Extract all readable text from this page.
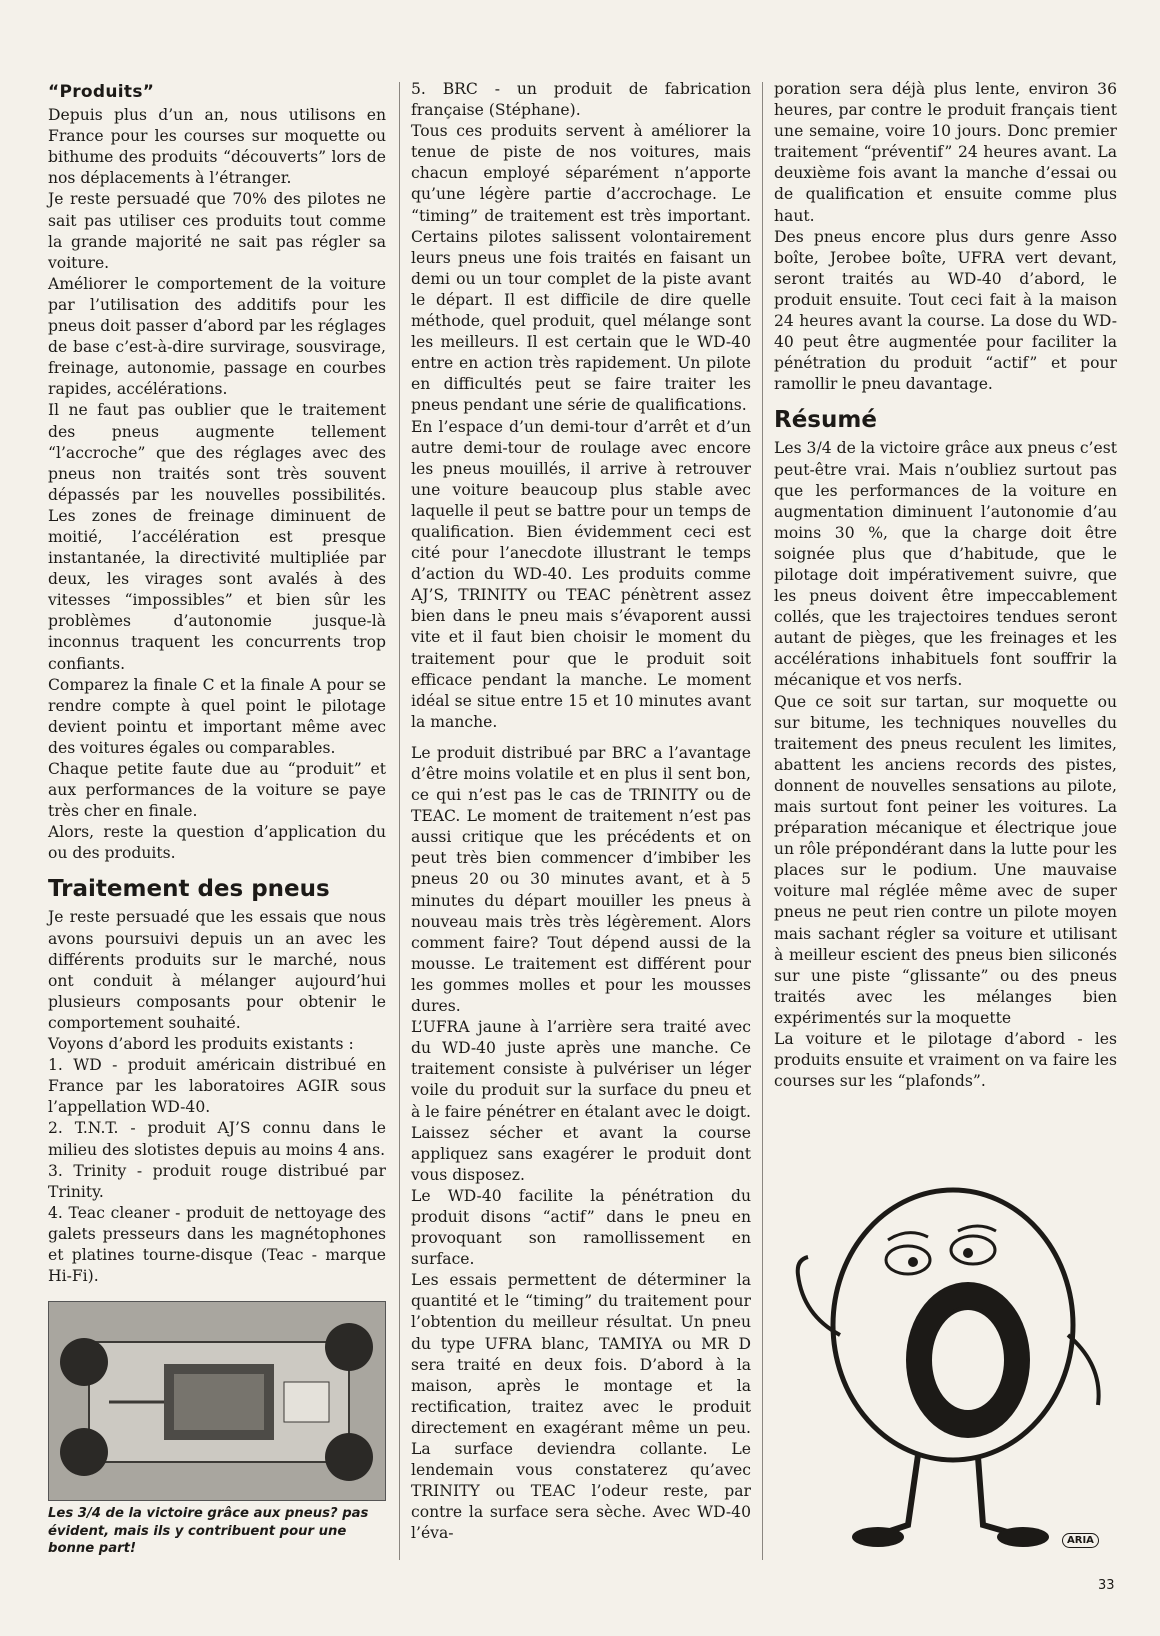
“Produits”

Depuis plus d’un an, nous utilisons en France pour les courses sur moquette ou bithume des produits “découverts” lors de nos déplacements à l’étranger.

Je reste persuadé que 70% des pilotes ne sait pas utiliser ces produits tout comme la grande majorité ne sait pas régler sa voiture.

Améliorer le comportement de la voiture par l’utilisation des additifs pour les pneus doit passer d’abord par les réglages de base c’est-à-dire survirage, sousvirage, freinage, autonomie, passage en courbes rapides, accélérations.

Il ne faut pas oublier que le traitement des pneus augmente tellement “l’accroche” que des réglages avec des pneus non traités sont très souvent dépassés par les nouvelles possibilités. Les zones de freinage diminuent de moitié, l’accélération est presque instantanée, la directivité multipliée par deux, les virages sont avalés à des vitesses “impossibles” et bien sûr les problèmes d’autonomie jusque-là inconnus traquent les concurrents trop confiants.

Comparez la finale C et la finale A pour se rendre compte à quel point le pilotage devient pointu et important même avec des voitures égales ou comparables.

Chaque petite faute due au “produit” et aux performances de la voiture se paye très cher en finale.

Alors, reste la question d’application du ou des produits.

Traitement des pneus

Je reste persuadé que les essais que nous avons poursuivi depuis un an avec les différents produits sur le marché, nous ont conduit à mélanger aujourd’hui plusieurs composants pour obtenir le comportement souhaité.

Voyons d’abord les produits existants :

1. WD - produit américain distribué en France par les laboratoires AGIR sous l’appellation WD-40.

2. T.N.T. - produit AJ’S connu dans le milieu des slotistes depuis au moins 4 ans.

3. Trinity - produit rouge distribué par Trinity.

4. Teac cleaner - produit de nettoyage des galets presseurs dans les magnétophones et platines tourne-disque (Teac - marque Hi-Fi).

Les 3/4 de la victoire grâce aux pneus? pas évident, mais ils y contribuent pour une bonne part!

5. BRC - un produit de fabrication française (Stéphane).

Tous ces produits servent à améliorer la tenue de piste de nos voitures, mais chacun employé séparément n’apporte qu’une légère partie d’accrochage. Le “timing” de traitement est très important. Certains pilotes salissent volontairement leurs pneus une fois traités en faisant un demi ou un tour complet de la piste avant le départ. Il est difficile de dire quelle méthode, quel produit, quel mélange sont les meilleurs. Il est certain que le WD-40 entre en action très rapidement. Un pilote en difficultés peut se faire traiter les pneus pendant une série de qualifications.

En l’espace d’un demi-tour d’arrêt et d’un autre demi-tour de roulage avec encore les pneus mouillés, il arrive à retrouver une voiture beaucoup plus stable avec laquelle il peut se battre pour un temps de qualification. Bien évidemment ceci est cité pour l’anecdote illustrant le temps d’action du WD-40. Les produits comme AJ’S, TRINITY ou TEAC pénètrent assez bien dans le pneu mais s’évaporent aussi vite et il faut bien choisir le moment du traitement pour que le produit soit efficace pendant la manche. Le moment idéal se situe entre 15 et 10 minutes avant la manche.

Le produit distribué par BRC a l’avantage d’être moins volatile et en plus il sent bon, ce qui n’est pas le cas de TRINITY ou de TEAC. Le moment de traitement n’est pas aussi critique que les précédents et on peut très bien commencer d’imbiber les pneus 20 ou 30 minutes avant, et à 5 minutes du départ mouiller les pneus à nouveau mais très très légèrement. Alors comment faire? Tout dépend aussi de la mousse. Le traitement est différent pour les gommes molles et pour les mousses dures.

L’UFRA jaune à l’arrière sera traité avec du WD-40 juste après une manche. Ce traitement consiste à pulvériser un léger voile du produit sur la surface du pneu et à le faire pénétrer en étalant avec le doigt. Laissez sécher et avant la course appliquez sans exagérer le produit dont vous disposez.

Le WD-40 facilite la pénétration du produit disons “actif” dans le pneu en provoquant son ramollissement en surface.

Les essais permettent de déterminer la quantité et le “timing” du traitement pour l’obtention du meilleur résultat. Un pneu du type UFRA blanc, TAMIYA ou MR D sera traité en deux fois. D’abord à la maison, après le montage et la rectification, traitez avec le produit directement en exagérant même un peu. La surface deviendra collante. Le lendemain vous constaterez qu’avec TRINITY ou TEAC l’odeur reste, par contre la surface sera sèche. Avec WD-40 l’éva-

poration sera déjà plus lente, environ 36 heures, par contre le produit français tient une semaine, voire 10 jours. Donc premier traitement “préventif” 24 heures avant. La deuxième fois avant la manche d’essai ou de qualification et ensuite comme plus haut.

Des pneus encore plus durs genre Asso boîte, Jerobee boîte, UFRA vert devant, seront traités au WD-40 d’abord, le produit ensuite. Tout ceci fait à la maison 24 heures avant la course. La dose du WD-40 peut être augmentée pour faciliter la pénétration du produit “actif” et pour ramollir le pneu davantage.

Résumé

Les 3/4 de la victoire grâce aux pneus c’est peut-être vrai. Mais n’oubliez surtout pas que les performances de la voiture en augmentation diminuent l’autonomie d’au moins 30 %, que la charge doit être soignée plus que d’habitude, que le pilotage doit impérativement suivre, que les pneus doivent être impeccablement collés, que les trajectoires tendues seront autant de pièges, que les freinages et les accélérations inhabituels font souffrir la mécanique et vos nerfs.

Que ce soit sur tartan, sur moquette ou sur bitume, les techniques nouvelles du traitement des pneus reculent les limites, abattent les anciens records des pistes, donnent de nouvelles sensations au pilote, mais surtout font peiner les voitures. La préparation mécanique et électrique joue un rôle prépondérant dans la lutte pour les places sur le podium. Une mauvaise voiture mal réglée même avec de super pneus ne peut rien contre un pilote moyen mais sachant régler sa voiture et utilisant à meilleur escient des pneus bien siliconés sur une piste “glissante” ou des pneus traités avec les mélanges bien expérimentés sur la moquette

La voiture et le pilotage d’abord - les produits ensuite et vraiment on va faire les courses sur les “plafonds”.

ARIA
33
